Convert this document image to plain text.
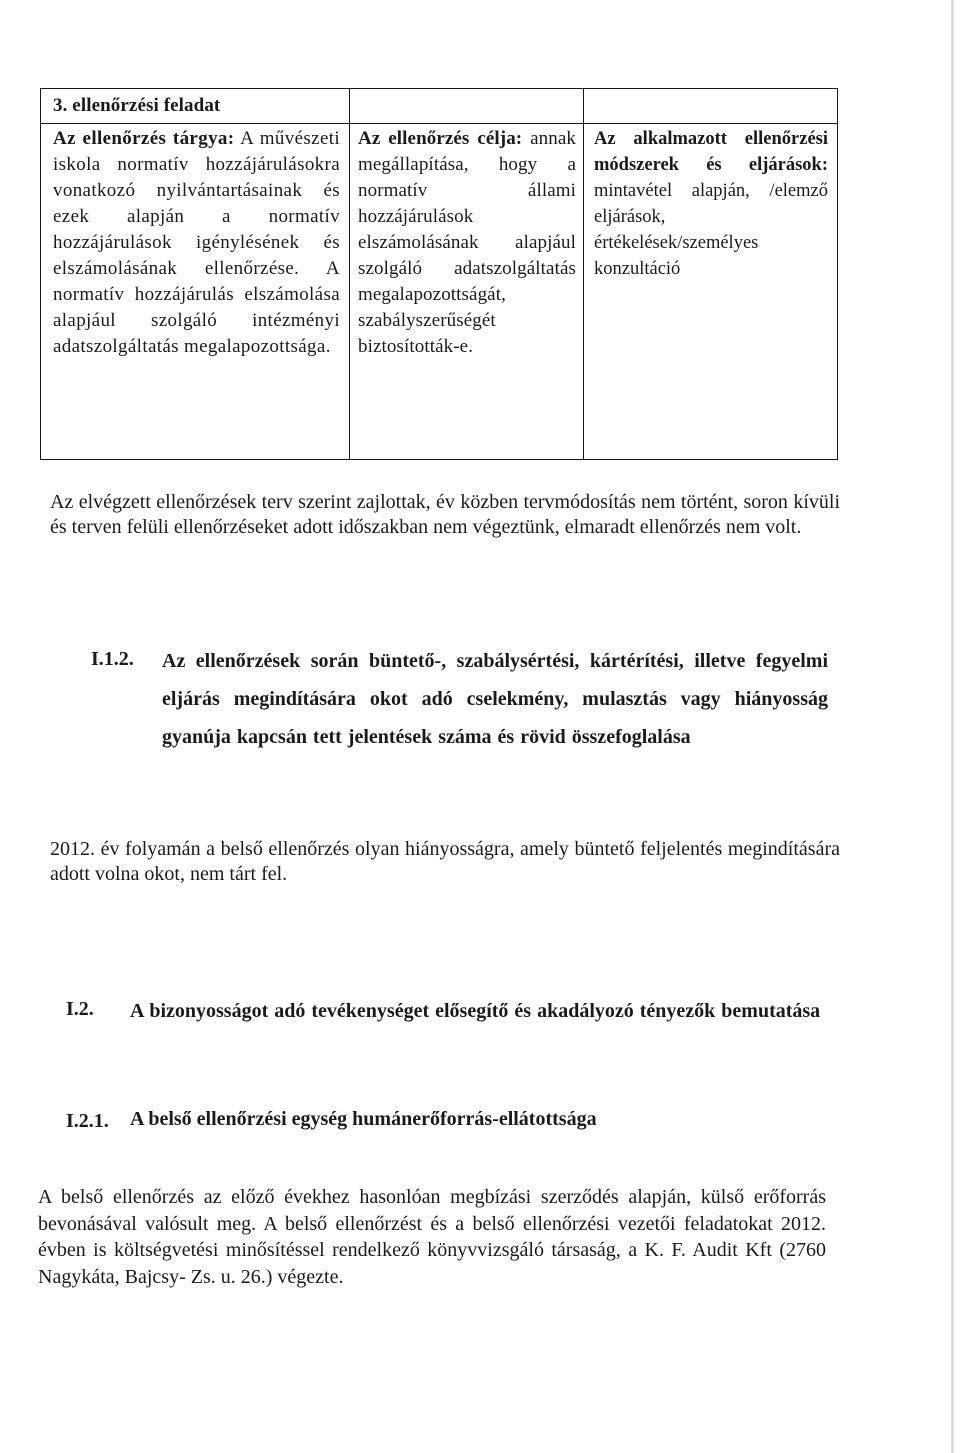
3. ellenőrzési feladat

Az ellenőrzés tárgya: A művészeti iskola normatív hozzájárulásokra vonatkozó nyilvántartásainak és ezek alapján a normatív hozzájárulások igénylésének és elszámolásának ellenőrzése. A normatív hozzájárulás elszámolása alapjául szolgáló intézményi adatszolgáltatás megalapozottsága.

Az ellenőrzés célja: annak megállapítása, hogy a normatív állami hozzájárulások elszámolásának alapjául szolgáló adatszolgáltatás megalapozottságát, szabályszerűségét biztosították-e.

Az alkalmazott ellenőrzési módszerek és eljárások: mintavétel alapján, /elemző eljárások, értékelések/személyes konzultáció

Az elvégzett ellenőrzések terv szerint zajlottak, év közben tervmódosítás nem történt, soron kívüli és terven felüli ellenőrzéseket adott időszakban nem végeztünk, elmaradt ellenőrzés nem volt.

I.1.2. Az ellenőrzések során büntető-, szabálysértési, kártérítési, illetve fegyelmi eljárás megindítására okot adó cselekmény, mulasztás vagy hiányosság gyanúja kapcsán tett jelentések száma és rövid összefoglalása

2012. év folyamán a belső ellenőrzés olyan hiányosságra, amely büntető feljelentés megindítására adott volna okot, nem tárt fel.

I.2. A bizonyosságot adó tevékenységet elősegítő és akadályozó tényezők bemutatása

I.2.1. A belső ellenőrzési egység humánerőforrás-ellátottsága

A belső ellenőrzés az előző évekhez hasonlóan megbízási szerződés alapján, külső erőforrás bevonásával valósult meg. A belső ellenőrzést és a belső ellenőrzési vezetői feladatokat 2012. évben is költségvetési minősítéssel rendelkező könyvvizsgáló társaság, a K. F. Audit Kft (2760 Nagykáta, Bajcsy- Zs. u. 26.) végezte.
